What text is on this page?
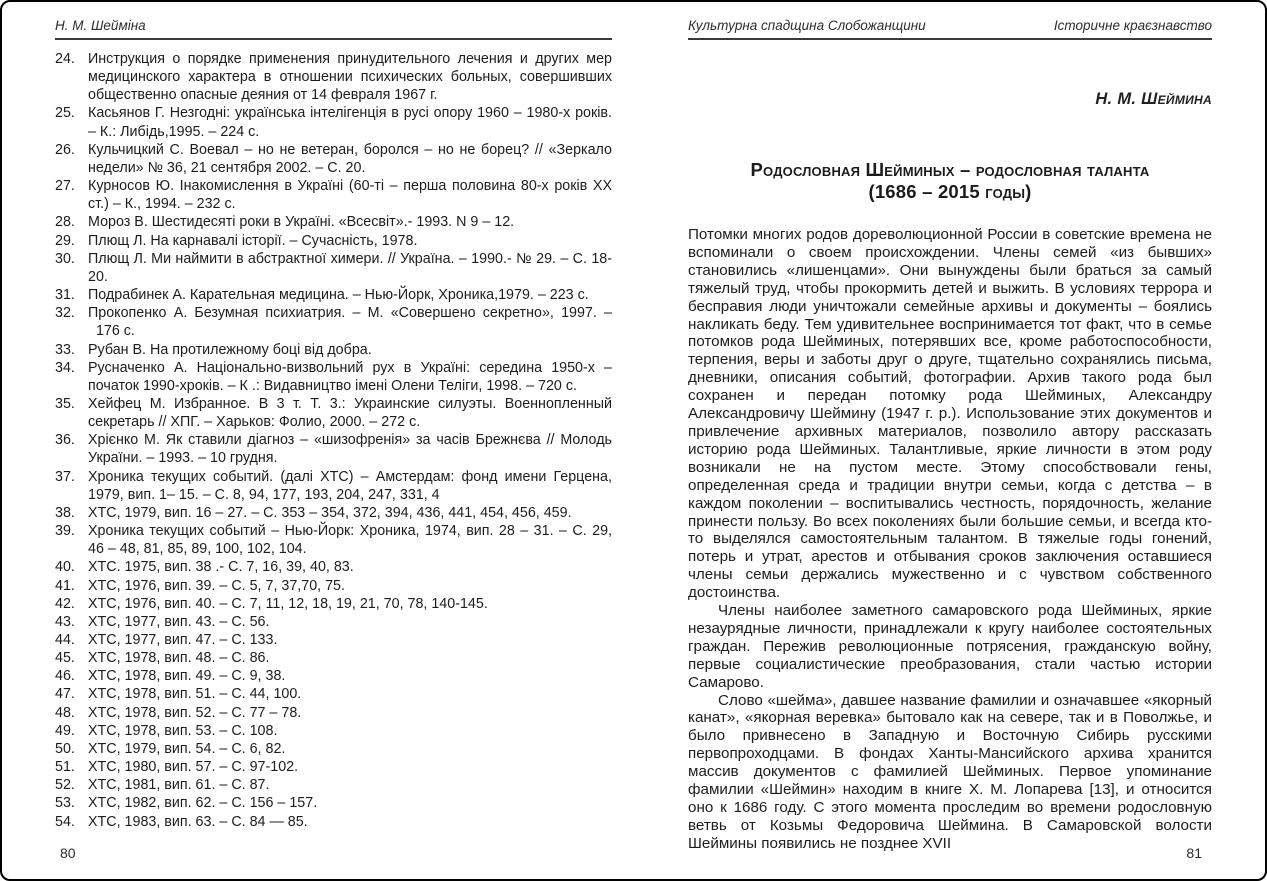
Н. М. Шейміна
24. Инструкция о порядке применения принудительного лечения и других мер медицинского характера в отношении психических больных, совершивших общественно опасные деяния от 14 февраля 1967 г.
25. Касьянов Г. Незгодні: українська інтелігенція в русі опору 1960 – 1980-х років. – К.: Либідь,1995. – 224 с.
26. Кульчицкий С. Воевал – но не ветеран, боролся – но не борец? // «Зеркало недели» № 36, 21 сентября 2002. – С. 20.
27. Курносов Ю. Інакомислення в Україні (60-ті – перша половина 80-х років ХХ ст.) – К., 1994. – 232 с.
28. Мороз В. Шестидесяті роки в Україні. «Всесвіт».- 1993. N 9 – 12.
29. Плющ Л. На карнавалі історії. – Сучасність, 1978.
30. Плющ Л. Ми наймити в абстрактної химери. // Україна. – 1990.- № 29. – С. 18-20.
31. Подрабинек А. Карательная медицина. – Нью-Йорк, Хроника,1979. – 223 с.
32. Прокопенко А. Безумная психиатрия. – М. «Совершено секретно», 1997. –   176 с.
33. Рубан В. На протилежному боці від добра.
34. Русначенко А. Національно-визвольний рух в Україні: середина 1950-х – початок 1990-хроків. – К .: Видавництво імені Олени Теліги, 1998. – 720 с.
35. Хейфец М. Избранное. В 3 т. Т. 3.: Украинские силуэты. Военнопленный секретарь // ХПГ. – Харьков: Фолио, 2000. – 272 с.
36. Хрієнко М. Як ставили діагноз – «шизофренія» за часів Брежнєва // Молодь України. – 1993. – 10 грудня.
37. Хроника текущих событий. (далі ХТС) – Амстердам: фонд имени Герцена, 1979, вип. 1– 15. – С. 8, 94, 177, 193, 204, 247, 331, 4
38. ХТС, 1979, вип. 16 – 27. – С. 353 – 354, 372, 394, 436, 441, 454, 456, 459.
39. Хроника текущих событий – Нью-Йорк: Хроника, 1974, вип. 28 – 31. – С. 29, 46 – 48, 81, 85, 89, 100, 102, 104.
40. ХТС. 1975, вип. 38 .- С. 7, 16, 39, 40, 83.
41. ХТС, 1976, вип. 39. – С. 5, 7, 37,70, 75.
42. ХТС, 1976, вип. 40. – С. 7, 11, 12, 18, 19, 21, 70, 78, 140-145.
43. ХТС, 1977, вип. 43. – С. 56.
44. ХТС, 1977, вип. 47. – С. 133.
45. ХТС, 1978, вип. 48. – С. 86.
46. ХТС, 1978, вип. 49. – С. 9, 38.
47. ХТС, 1978, вип. 51. – С. 44, 100.
48. ХТС, 1978, вип. 52. – С. 77 – 78.
49. ХТС, 1978, вип. 53. – С. 108.
50. ХТС, 1979, вип. 54. – С. 6, 82.
51. ХТС, 1980, вип. 57. – С. 97-102.
52. ХТС, 1981, вип. 61. – С. 87.
53. ХТС, 1982, вип. 62. – С. 156 – 157.
54. ХТС, 1983, вип. 63. – С. 84 — 85.
80
Культурна спадщина Слобожанщини	Історичне краєзнавство
Н. М. Шеймина
Родословная Шейминых – родословная таланта
(1686 – 2015 годы)

Потомки многих родов дореволюционной России в советские времена не вспоминали о своем происхождении. Члены семей «из бывших» становились «лишенцами». Они вынуждены были браться за самый тяжелый труд, чтобы прокормить детей и выжить. В условиях террора и бесправия люди уничтожали семейные архивы и документы – боялись накликать беду. Тем удивительнее воспринимается тот факт, что в семье потомков рода Шейминых, потерявших все, кроме работоспособности, терпения, веры и заботы друг о друге, тщательно сохранялись письма, дневники, описания событий, фотографии. Архив такого рода был сохранен и передан потомку рода Шейминых, Александру Александровичу Шеймину (1947 г. р.). Использование этих документов и привлечение архивных материалов, позволило автору рассказать историю рода Шейминых. Талантливые, яркие личности в этом роду возникали не на пустом месте. Этому способствовали гены, определенная среда и традиции внутри семьи, когда с детства – в каждом поколении – воспитывались честность, порядочность, желание принести пользу. Во всех поколениях были большие семьи, и всегда кто-то выделялся самостоятельным талантом. В тяжелые годы гонений, потерь и утрат, арестов и отбывания сроков заключения оставшиеся члены семьи держались мужественно и с чувством собственного достоинства.

Члены наиболее заметного самаровского рода Шейминых, яркие незаурядные личности, принадлежали к кругу наиболее состоятельных граждан. Пережив революционные потрясения, гражданскую войну, первые социалистические преобразования, стали частью истории Самарово.

Слово «шейма», давшее название фамилии и означавшее «якорный канат», «якорная веревка» бытовало как на севере, так и в Поволжье, и было привнесено в Западную и Восточную Сибирь русскими первопроходцами. В фондах Ханты-Мансийского архива хранится массив документов с фамилией Шейминых. Первое упоминание фамилии «Шеймин» находим в книге Х. М. Лопарева [13], и относится оно к 1686 году. С этого момента проследим во времени родословную ветвь от Козьмы Федоровича Шеймина. В Самаровской волости Шеймины появились не позднее XVII

81
